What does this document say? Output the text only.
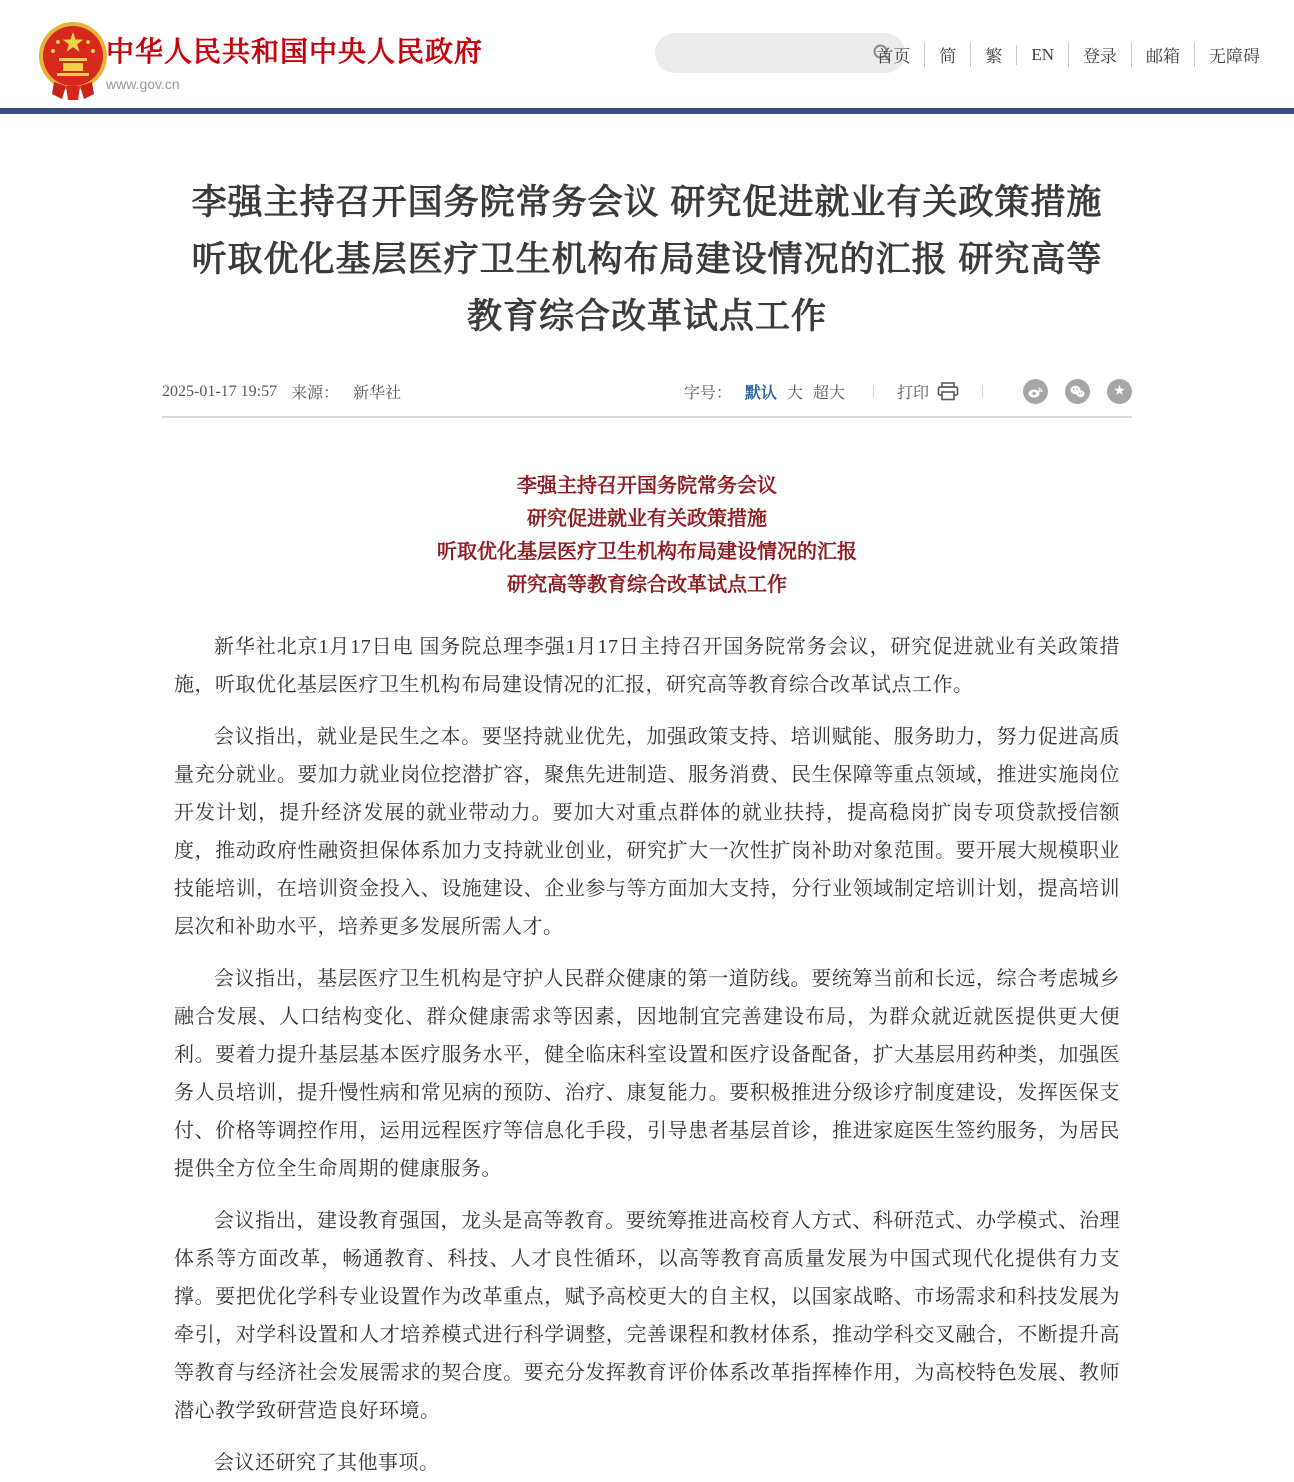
中华人民共和国中央人民政府
www.gov.cn
首页	简	繁	EN	登录	邮箱	无障碍
李强主持召开国务院常务会议 研究促进就业有关政策措施 听取优化基层医疗卫生机构布局建设情况的汇报 研究高等教育综合改革试点工作
2025-01-17 19:57 来源： 新华社	字号： 默认 大 超大 | 打印	|	★
李强主持召开国务院常务会议
研究促进就业有关政策措施
听取优化基层医疗卫生机构布局建设情况的汇报
研究高等教育综合改革试点工作

新华社北京1月17日电 国务院总理李强1月17日主持召开国务院常务会议，研究促进就业有关政策措施，听取优化基层医疗卫生机构布局建设情况的汇报，研究高等教育综合改革试点工作。

会议指出，就业是民生之本。要坚持就业优先，加强政策支持、培训赋能、服务助力，努力促进高质量充分就业。要加力就业岗位挖潜扩容，聚焦先进制造、服务消费、民生保障等重点领域，推进实施岗位开发计划，提升经济发展的就业带动力。要加大对重点群体的就业扶持，提高稳岗扩岗专项贷款授信额度，推动政府性融资担保体系加力支持就业创业，研究扩大一次性扩岗补助对象范围。要开展大规模职业技能培训，在培训资金投入、设施建设、企业参与等方面加大支持，分行业领域制定培训计划，提高培训层次和补助水平，培养更多发展所需人才。

会议指出，基层医疗卫生机构是守护人民群众健康的第一道防线。要统筹当前和长远，综合考虑城乡融合发展、人口结构变化、群众健康需求等因素，因地制宜完善建设布局，为群众就近就医提供更大便利。要着力提升基层基本医疗服务水平，健全临床科室设置和医疗设备配备，扩大基层用药种类，加强医务人员培训，提升慢性病和常见病的预防、治疗、康复能力。要积极推进分级诊疗制度建设，发挥医保支付、价格等调控作用，运用远程医疗等信息化手段，引导患者基层首诊，推进家庭医生签约服务，为居民提供全方位全生命周期的健康服务。

会议指出，建设教育强国，龙头是高等教育。要统筹推进高校育人方式、科研范式、办学模式、治理体系等方面改革，畅通教育、科技、人才良性循环，以高等教育高质量发展为中国式现代化提供有力支撑。要把优化学科专业设置作为改革重点，赋予高校更大的自主权，以国家战略、市场需求和科技发展为牵引，对学科设置和人才培养模式进行科学调整，完善课程和教材体系，推动学科交叉融合，不断提升高等教育与经济社会发展需求的契合度。要充分发挥教育评价体系改革指挥棒作用，为高校特色发展、教师潜心教学致研营造良好环境。

会议还研究了其他事项。
